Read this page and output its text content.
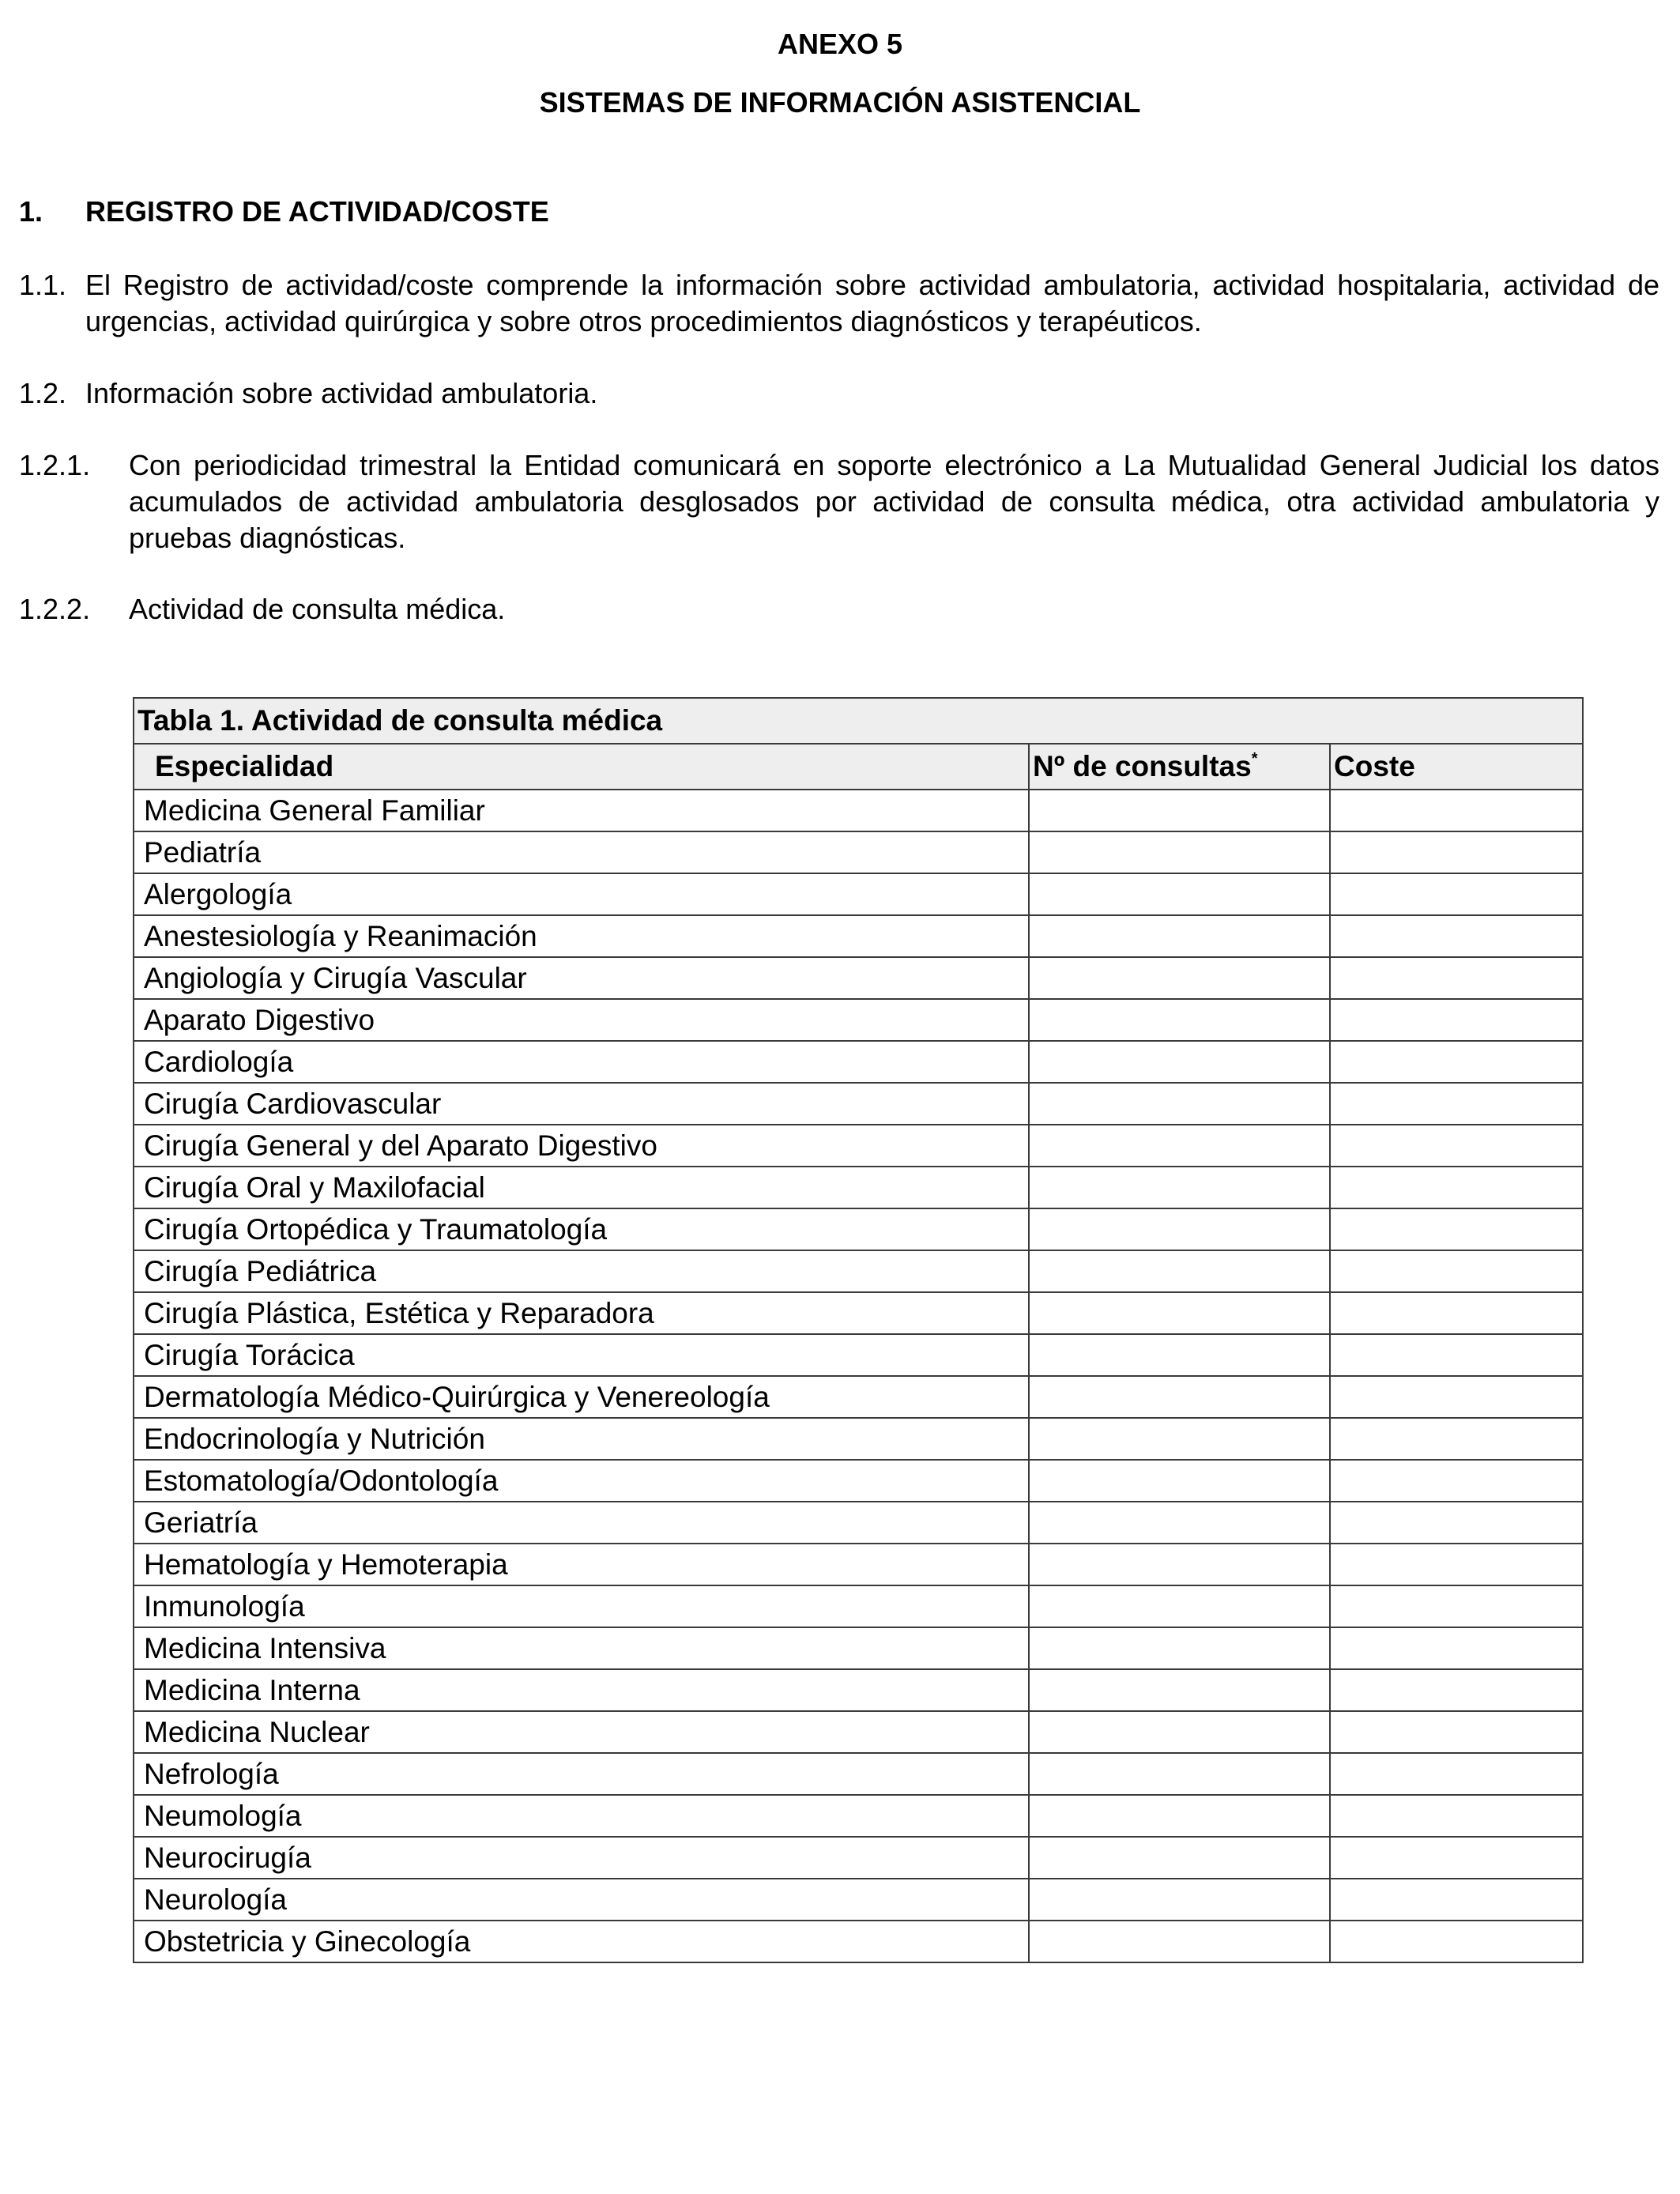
ANEXO 5
SISTEMAS DE INFORMACIÓN ASISTENCIAL
1. REGISTRO DE ACTIVIDAD/COSTE
1.1. El Registro de actividad/coste comprende la información sobre actividad ambulatoria, actividad hospitalaria, actividad de urgencias, actividad quirúrgica y sobre otros procedimientos diagnósticos y terapéuticos.
1.2. Información sobre actividad ambulatoria.
1.2.1. Con periodicidad trimestral la Entidad comunicará en soporte electrónico a La Mutualidad General Judicial los datos acumulados de actividad ambulatoria desglosados por actividad de consulta médica, otra actividad ambulatoria y pruebas diagnósticas.
1.2.2. Actividad de consulta médica.
Tabla 1. Actividad de consulta médica		
Especialidad	Nº de consultas*	Coste
Medicina General Familiar		
Pediatría		
Alergología		
Anestesiología y Reanimación		
Angiología y Cirugía Vascular		
Aparato Digestivo		
Cardiología		
Cirugía Cardiovascular		
Cirugía General y del Aparato Digestivo		
Cirugía Oral y Maxilofacial		
Cirugía Ortopédica y Traumatología		
Cirugía Pediátrica		
Cirugía Plástica, Estética y Reparadora		
Cirugía Torácica		
Dermatología Médico-Quirúrgica y Venereología		
Endocrinología y Nutrición		
Estomatología/Odontología		
Geriatría		
Hematología y Hemoterapia		
Inmunología		
Medicina Intensiva		
Medicina Interna		
Medicina Nuclear		
Nefrología		
Neumología		
Neurocirugía		
Neurología		
Obstetricia y Ginecología		
